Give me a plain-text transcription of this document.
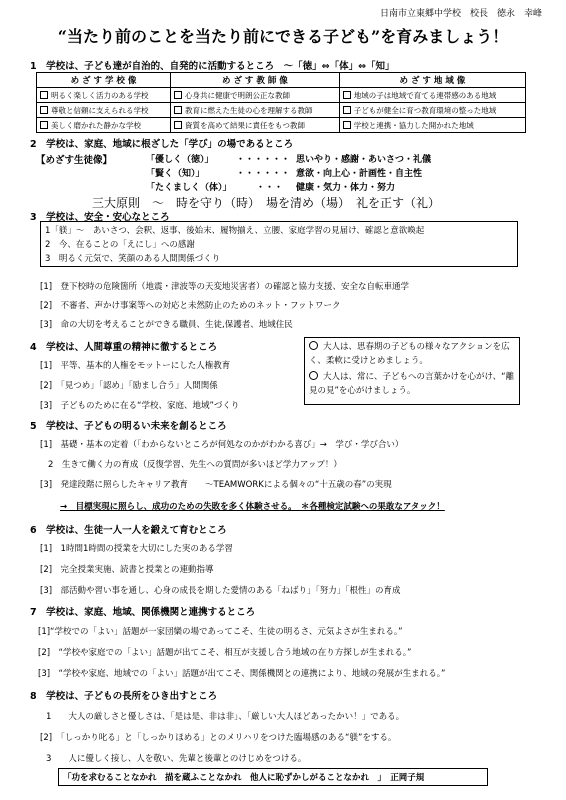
日南市立東郷中学校　校長　徳永　幸峰
“当たり前のことを当たり前にできる子ども”を育みましょう！
1　学校は、子ども達が自治的、自発的に活動するところ　～「徳」⇔「体」⇔「知」
め ざ す 学 校 像	め ざ す 教 師 像	め ざ す 地 域 像
明るく楽しく活力のある学校	心身共に健康で明朗公正な教師	地域の子は地域で育てる連帯感のある地域
尊敬と信頼に支えられる学校	教育に燃えた生徒の心を理解する教師	子どもが健全に育つ教育環境の整った地域
美しく磨かれた静かな学校	資質を高めて結果に責任をもつ教師	学校と連携・協力した開かれた地域
2　学校は、家庭、地域に根ざした「学び」の場であるところ
【めざす生徒像】	「優しく（徳）」 ・・・・・・ 思いやり・感謝・あいさつ・礼儀
「賢く（知）」	・・・・・・ 意欲・向上心・計画性・自主性
「たくましく（体）」	・・・ 健康・気力・体力・努力
三大原則　～　時を守り（時）　場を清め（場）　礼を正す（礼）
3　学校は、安全・安心なところ
1「躾」～　あいさつ、会釈、返事、後始末、履物揃え、立腰、家庭学習の見届け、確認と意欲喚起
2　今、在ることの「えにし」への感謝
3　明るく元気で、笑顔のある人間関係づくり
[1]　登下校時の危険箇所（地震・津波等の天変地災害者）の確認と協力支援、安全な自転車通学
[2]　不審者、声かけ事案等への対応と未然防止のためのネット・フットワーク
[3]　命の大切を考えることができる職員、生徒,保護者、地域住民
4　学校は、人間尊重の精神に徹するところ
[1]　平等、基本的人権をモットーにした人権教育
[2]　「見つめ」「認め」「励まし合う」人間関係
[3]　子どものために在る“学校、家庭、地域”づくり
大人は、思春期の子どもの様々なアクションを広く、柔軟に受けとめましょう。
大人は、常に、子どもへの言葉かけを心がけ、“離見の見”を心がけましょう。
5　学校は、子どもの明るい未来を創るところ
[1]　基礎・基本の定着（「わからないところが何処なのかがわかる喜び」→　学び・学び合い）
2　生きて働く力の育成（反復学習、先生への質問が多いほど学力アップ！）
[3]　発達段階に照らしたキャリア教育　　～TEAMWORKによる個々の“十五歳の春”の実現
→　目標実現に照らし、成功のための失敗を多く体験させる。　＊各種検定試験への果敢なアタック！
6　学校は、生徒一人一人を鍛えて育むところ
[1]　1時間1時間の授業を大切にした実のある学習
[2]　完全授業実施、読書と授業との連動指導
[3]　部活動や習い事を通し、心身の成長を期した愛情のある「ねばり」「努力」「根性」の育成
7　学校は、家庭、地域、関係機関と連携するところ
[1]“学校での「よい」話題が一家団欒の場であってこそ、生徒の明るさ、元気よさが生まれる。”
[2]　“学校や家庭での「よい」話題が出てこそ、相互が支援し合う地域の在り方探しが生まれる。”
[3]　“学校や家庭、地域での「よい」話題が出てこそ、関係機関との連携により、地域の発展が生まれる。”
8　学校は、子どもの長所をひき出すところ
1　　大人の厳しさと優しさは、「是は是、非は非」、「厳しい大人ほどあったかい！」である。
[2]　「しっかり叱る」と「しっかりほめる」とのメリハリをつけた臨場感のある“躾”をする。
3　　人に優しく接し、人を敬い、先輩と後輩とのけじめをつける。
「功を求むることなかれ　描を蔵ふことなかれ　他人に恥ずかしがることなかれ　」　正岡子規
